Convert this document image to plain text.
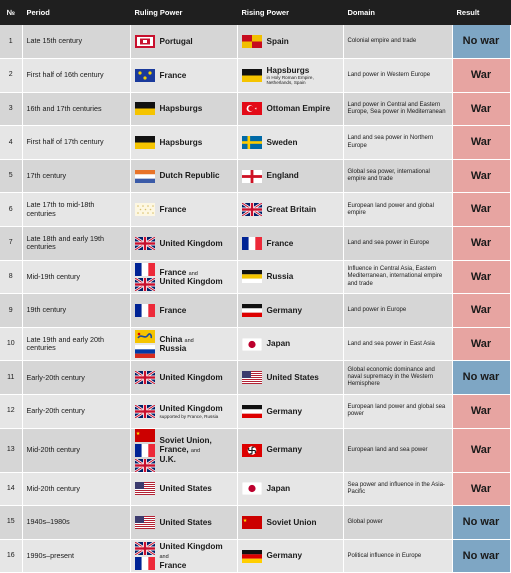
№	Period	Ruling Power	Rising Power	Domain	Result
1	Late 15th century	Portugal	Spain	Colonial empire and trade	No war
2	First half of 16th century	France	Hapsburgs
in Holy Roman Empire, Netherlands, Spain	Land power in Western Europe	War
3	16th and 17th centuries	Hapsburgs	Ottoman Empire	Land power in Central and Eastern Europe, Sea power in Mediterranean	War
4	First half of 17th century	Hapsburgs	Sweden	Land and sea power in Northern Europe	War
5	17th century	Dutch Republic	England	Global sea power, international empire and trade	War
6	Late 17th to mid-18th centuries	France	Great Britain	European land power and global empire	War
7	Late 18th and early 19th centuries	United Kingdom	France	Land and sea power in Europe	War
8	Mid-19th century	France and
United Kingdom	Russia	Influence in Central Asia, Eastern Mediterranean, international empire and trade	War
9	19th century	France	Germany	Land power in Europe	War
10	Late 19th and early 20th centuries	China and
Russia	Japan	Land and sea power in East Asia	War
11	Early-20th century	United Kingdom	United States	Global economic dominance and naval supremacy in the Western Hemisphere	No war
12	Early-20th century	United Kingdom
supported by France, Russia	Germany	European land power and global sea power	War
13	Mid-20th century	Soviet Union,
France, and
U.K.	Germany	European land and sea power	War
14	Mid-20th century	United States	Japan	Sea power and influence in the Asia-Pacific	War
15	1940s–1980s	United States	Soviet Union	Global power	No war
16	1990s–present	United Kingdom and
France	Germany	Political influence in Europe	No war
